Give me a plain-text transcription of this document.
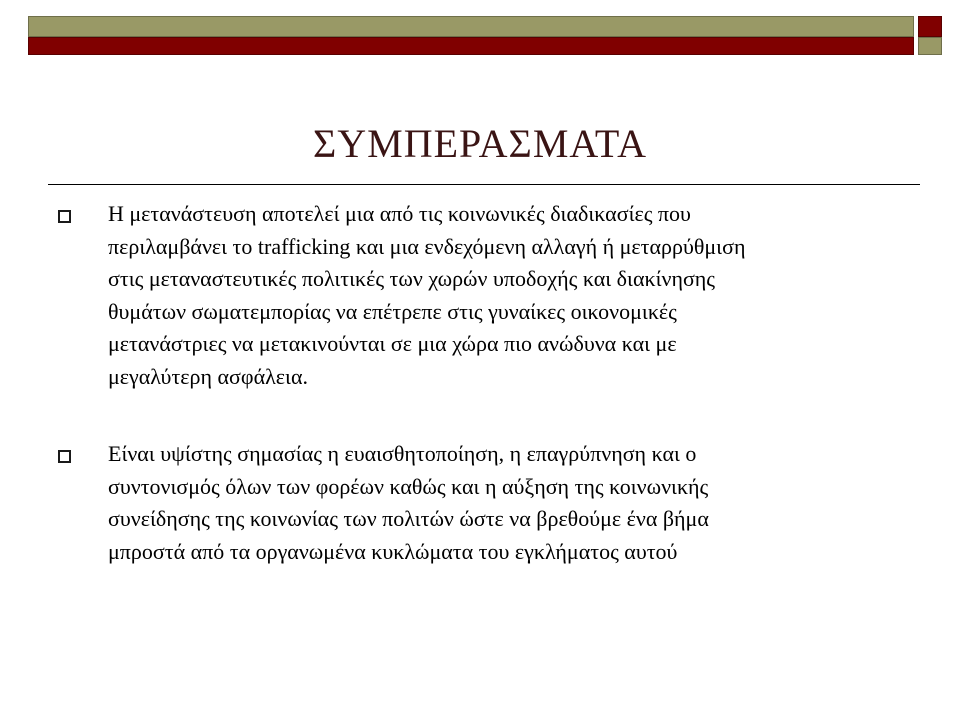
ΣΥΜΠΕΡΑΣΜΑΤΑ
Η μετανάστευση αποτελεί μια από τις κοινωνικές διαδικασίες που
περιλαμβάνει το trafficking και μια ενδεχόμενη αλλαγή ή μεταρρύθμιση
στις μεταναστευτικές πολιτικές των χωρών υποδοχής και διακίνησης
θυμάτων σωματεμπορίας να επέτρεπε στις γυναίκες οικονομικές
μετανάστριες να μετακινούνται σε μια χώρα πιο ανώδυνα και με
μεγαλύτερη ασφάλεια.
Είναι υψίστης σημασίας η ευαισθητοποίηση, η επαγρύπνηση και ο
συντονισμός όλων των φορέων καθώς και η αύξηση της κοινωνικής
συνείδησης της κοινωνίας των πολιτών ώστε να βρεθούμε ένα βήμα
μπροστά από τα οργανωμένα κυκλώματα του εγκλήματος αυτού
